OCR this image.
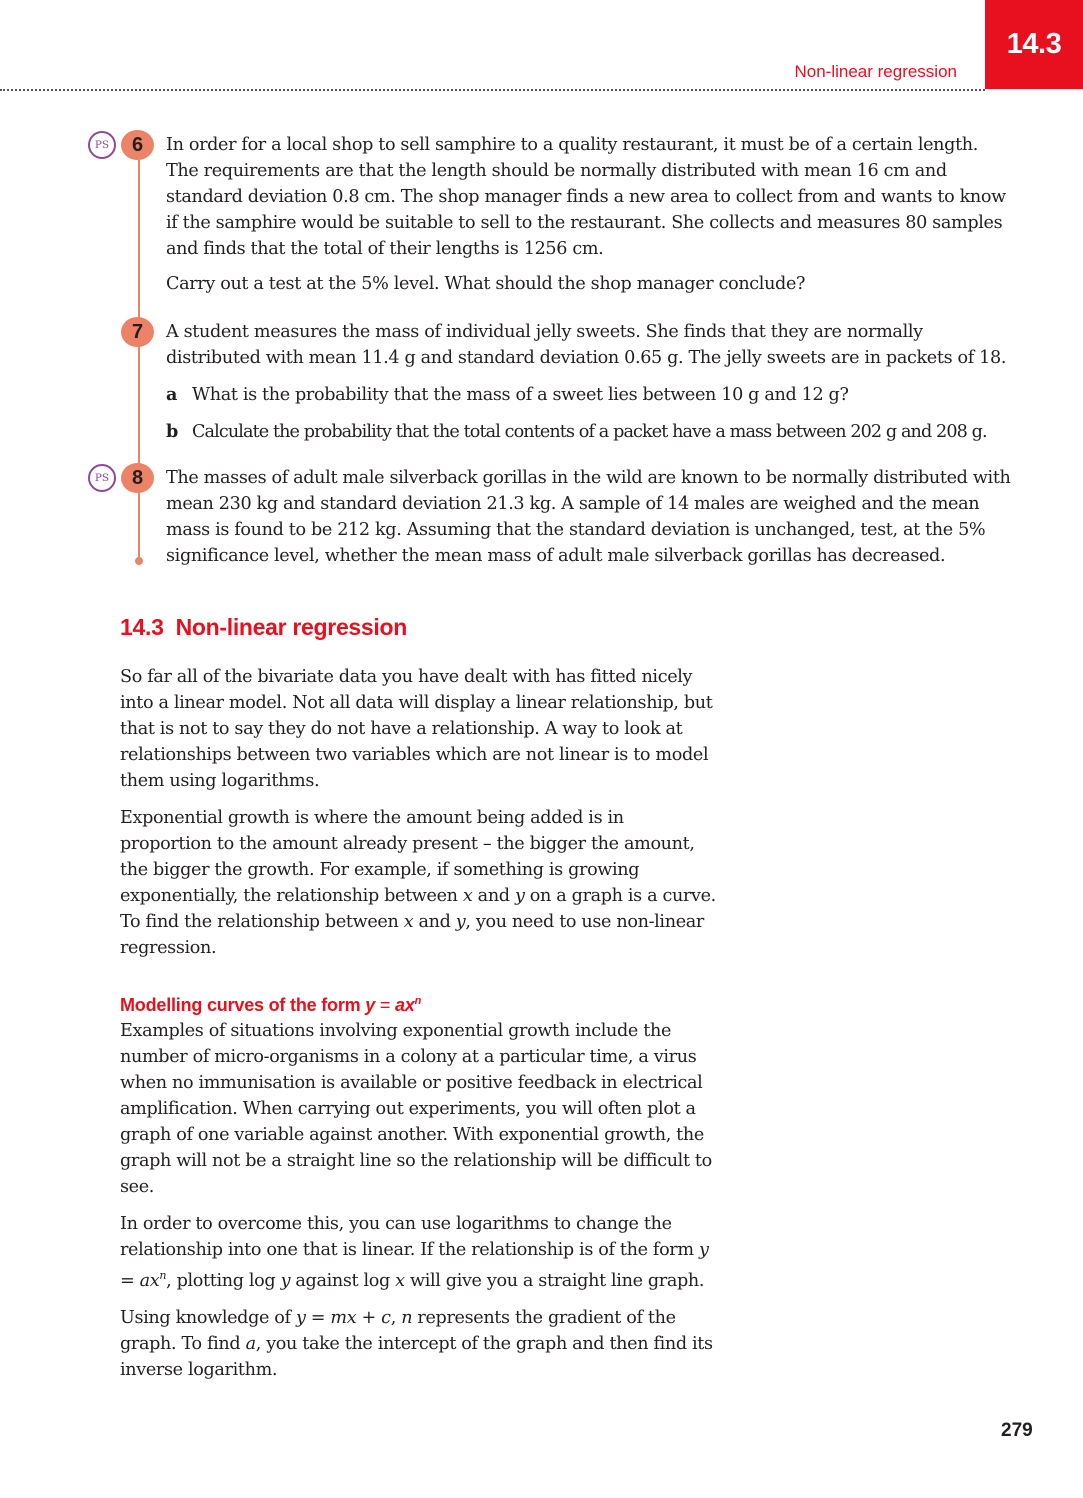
14.3
Non-linear regression
PS	6	In order for a local shop to sell samphire to a quality restaurant, it must be of a certain length. The requirements are that the length should be normally distributed with mean 16 cm and standard deviation 0.8 cm. The shop manager finds a new area to collect from and wants to know if the samphire would be suitable to sell to the restaurant. She collects and measures 80 samples and finds that the total of their lengths is 1256 cm.

Carry out a test at the 5% level. What should the shop manager conclude?

7	A student measures the mass of individual jelly sweets. She finds that they are normally distributed with mean 11.4 g and standard deviation 0.65 g. The jelly sweets are in packets of 18.

a What is the probability that the mass of a sweet lies between 10 g and 12 g?

b Calculate the probability that the total contents of a packet have a mass between 202 g and 208 g.

PS	8	The masses of adult male silverback gorillas in the wild are known to be normally distributed with mean 230 kg and standard deviation 21.3 kg. A sample of 14 males are weighed and the mean mass is found to be 212 kg. Assuming that the standard deviation is unchanged, test, at the 5% significance level, whether the mean mass of adult male silverback gorillas has decreased.

14.3 Non-linear regression

So far all of the bivariate data you have dealt with has fitted nicely into a linear model. Not all data will display a linear relationship, but that is not to say they do not have a relationship. A way to look at relationships between two variables which are not linear is to model them using logarithms.

Exponential growth is where the amount being added is in proportion to the amount already present – the bigger the amount, the bigger the growth. For example, if something is growing exponentially, the relationship between x and y on a graph is a curve. To find the relationship between x and y, you need to use non-linear regression.

Modelling curves of the form $y = ax^n$

Examples of situations involving exponential growth include the number of micro-organisms in a colony at a particular time, a virus when no immunisation is available or positive feedback in electrical amplification. When carrying out experiments, you will often plot a graph of one variable against another. With exponential growth, the graph will not be a straight line so the relationship will be difficult to see.

In order to overcome this, you can use logarithms to change the relationship into one that is linear. If the relationship is of the form $y = ax^n$, plotting log y against log x will give you a straight line graph.

Using knowledge of y = mx + c, n represents the gradient of the graph. To find a, you take the intercept of the graph and then find its inverse logarithm.

279
